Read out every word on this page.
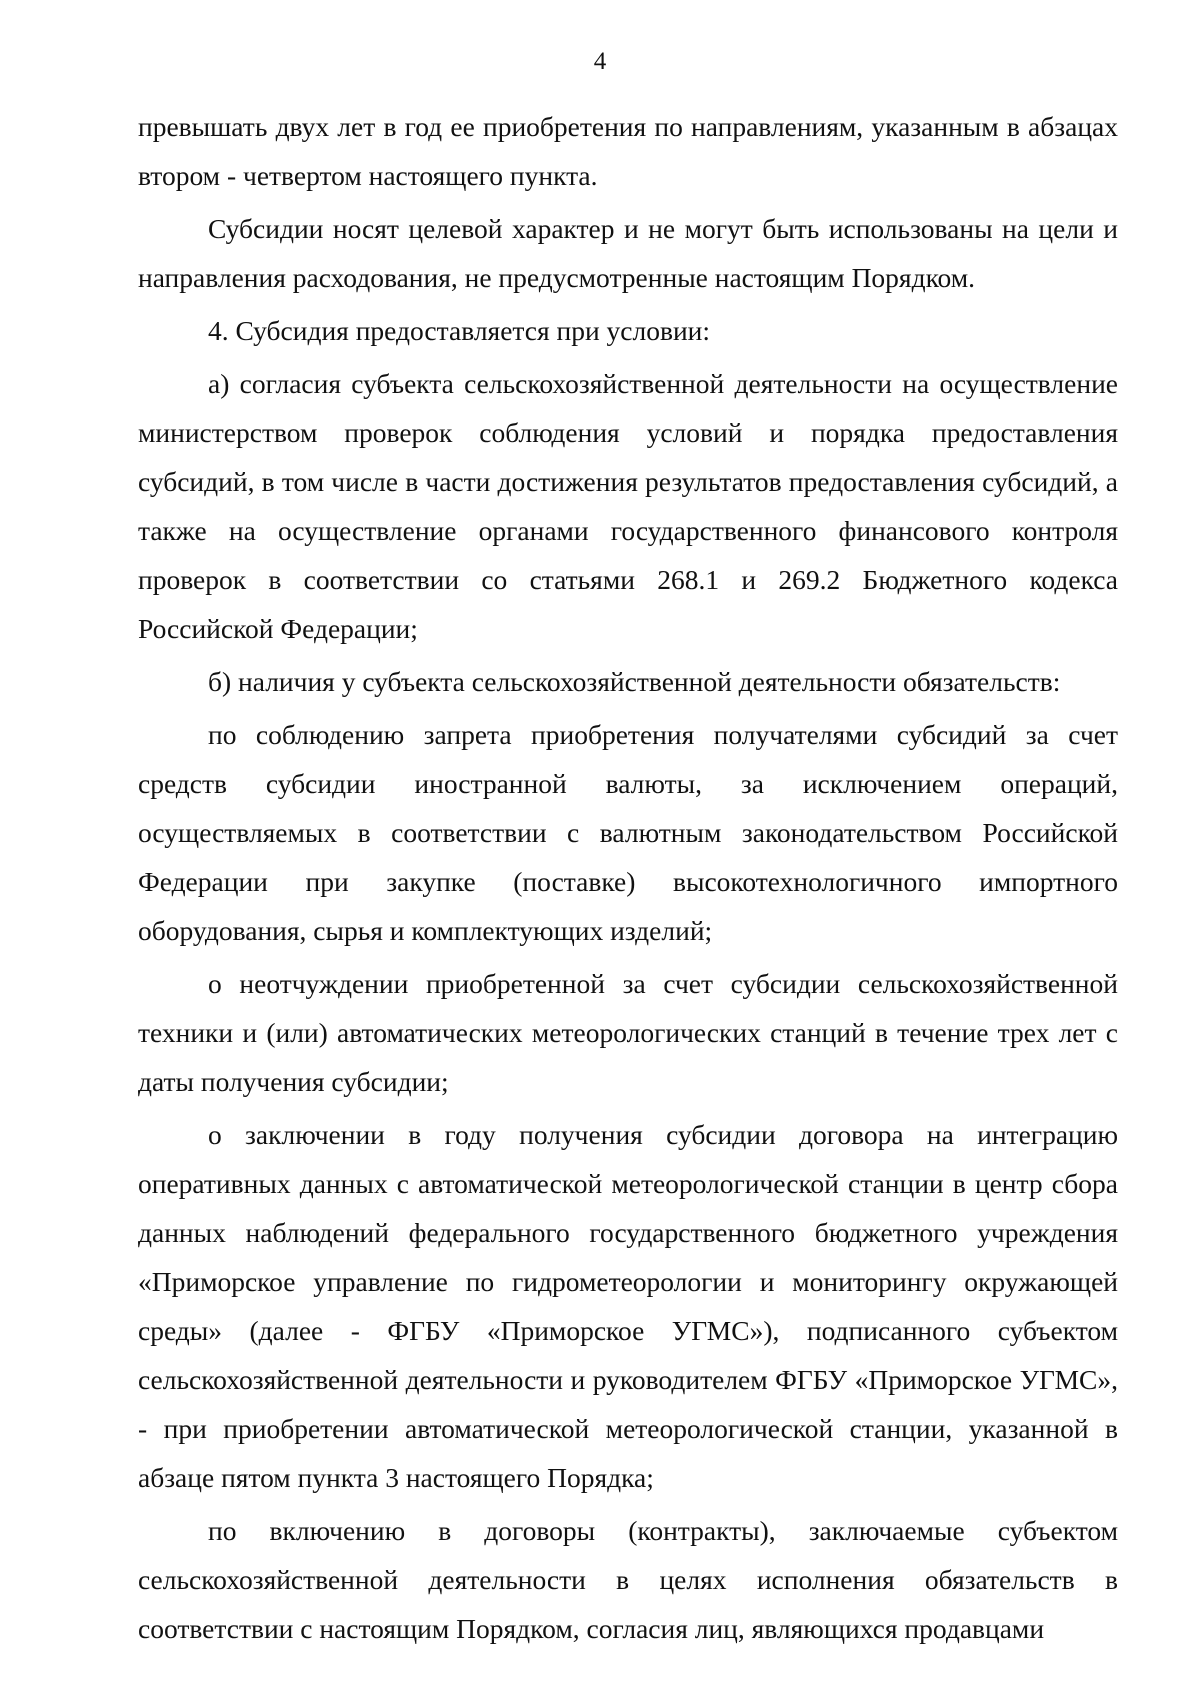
4

превышать двух лет в год ее приобретения по направлениям, указанным в абзацах втором - четвертом настоящего пункта.

Субсидии носят целевой характер и не могут быть использованы на цели и направления расходования, не предусмотренные настоящим Порядком.

4. Субсидия предоставляется при условии:

а) согласия субъекта сельскохозяйственной деятельности на осуществление министерством проверок соблюдения условий и порядка предоставления субсидий, в том числе в части достижения результатов предоставления субсидий, а также на осуществление органами государственного финансового контроля проверок в соответствии со статьями 268.1 и 269.2 Бюджетного кодекса Российской Федерации;

б) наличия у субъекта сельскохозяйственной деятельности обязательств:

по соблюдению запрета приобретения получателями субсидий за счет средств субсидии иностранной валюты, за исключением операций, осуществляемых в соответствии с валютным законодательством Российской Федерации при закупке (поставке) высокотехнологичного импортного оборудования, сырья и комплектующих изделий;

о неотчуждении приобретенной за счет субсидии сельскохозяйственной техники и (или) автоматических метеорологических станций в течение трех лет с даты получения субсидии;

о заключении в году получения субсидии договора на интеграцию оперативных данных с автоматической метеорологической станции в центр сбора данных наблюдений федерального государственного бюджетного учреждения «Приморское управление по гидрометеорологии и мониторингу окружающей среды» (далее - ФГБУ «Приморское УГМС»), подписанного субъектом сельскохозяйственной деятельности и руководителем ФГБУ «Приморское УГМС», - при приобретении автоматической метеорологической станции, указанной в абзаце пятом пункта 3 настоящего Порядка;

по включению в договоры (контракты), заключаемые субъектом сельскохозяйственной деятельности в целях исполнения обязательств в соответствии с настоящим Порядком, согласия лиц, являющихся продавцами
